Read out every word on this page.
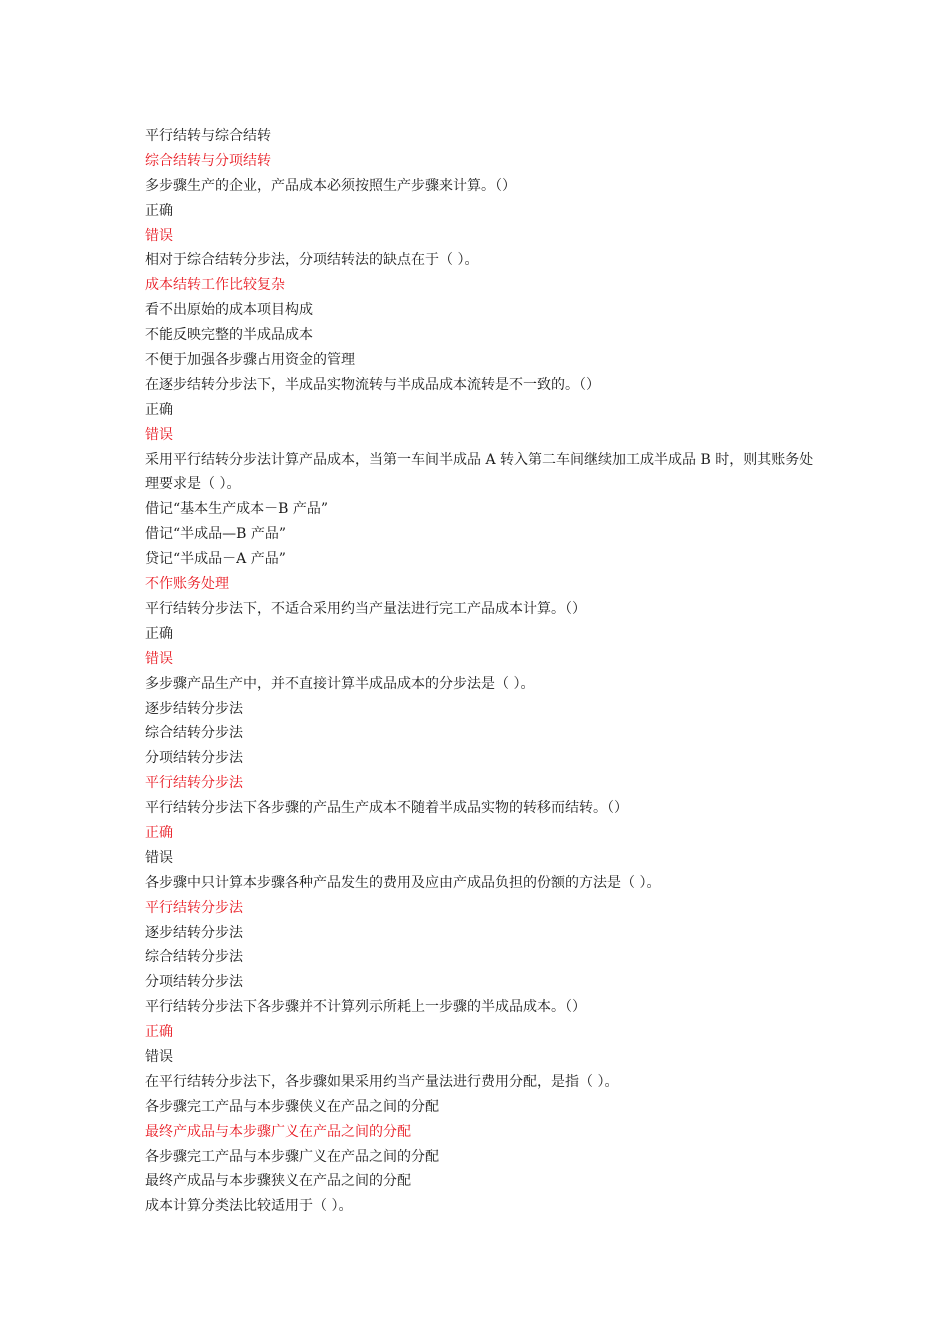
平行结转与综合结转
综合结转与分项结转
多步骤生产的企业，产品成本必须按照生产步骤来计算。（）
正确
错误
相对于综合结转分步法，分项结转法的缺点在于（ ）。
成本结转工作比较复杂
看不出原始的成本项目构成
不能反映完整的半成品成本
不便于加强各步骤占用资金的管理
在逐步结转分步法下，半成品实物流转与半成品成本流转是不一致的。（）
正确
错误
采用平行结转分步法计算产品成本，当第一车间半成品 A 转入第二车间继续加工成半成品 B 时，则其账务处理要求是（ ）。
借记“基本生产成本－B 产品”
借记“半成品—B 产品”
贷记“半成品－A 产品”
不作账务处理
平行结转分步法下，不适合采用约当产量法进行完工产品成本计算。（）
正确
错误
多步骤产品生产中，并不直接计算半成品成本的分步法是（ ）。
逐步结转分步法
综合结转分步法
分项结转分步法
平行结转分步法
平行结转分步法下各步骤的产品生产成本不随着半成品实物的转移而结转。（）
正确
错误
各步骤中只计算本步骤各种产品发生的费用及应由产成品负担的份额的方法是（ ）。
平行结转分步法
逐步结转分步法
综合结转分步法
分项结转分步法
平行结转分步法下各步骤并不计算列示所耗上一步骤的半成品成本。（）
正确
错误
在平行结转分步法下，各步骤如果采用约当产量法进行费用分配，是指（ ）。
各步骤完工产品与本步骤侠义在产品之间的分配
最终产成品与本步骤广义在产品之间的分配
各步骤完工产品与本步骤广义在产品之间的分配
最终产成品与本步骤狭义在产品之间的分配
成本计算分类法比较适用于（ ）。
